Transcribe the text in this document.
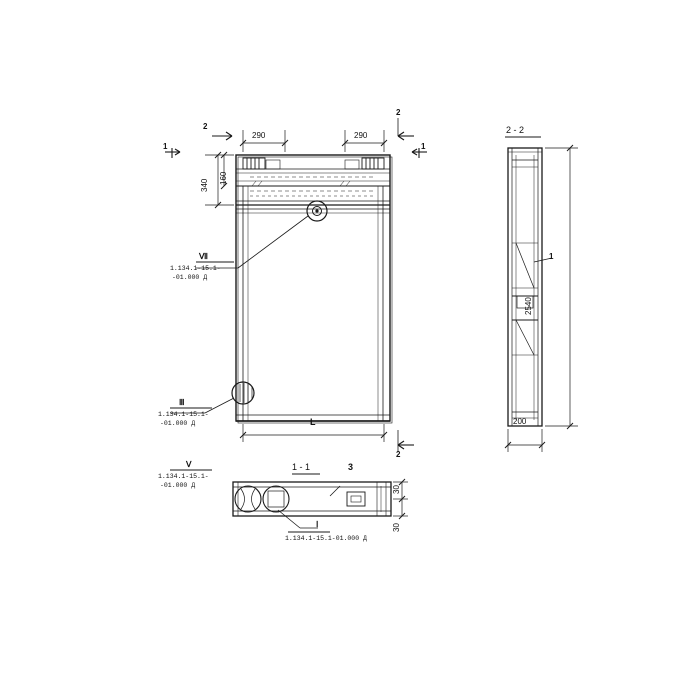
2
2
2
1	1
290	290
340
160
L
Ⅶ
1.134.1-15.1-
-01.000 Д
Ⅲ
1.134.1-15.1-
-01.000 Д
Ⅴ
1.134.1-15.1-
-01.000 Д
2 - 2
2540
200
1
1 - 1	3
30
30
Ⅰ
1.134.1-15.1-01.000 Д
